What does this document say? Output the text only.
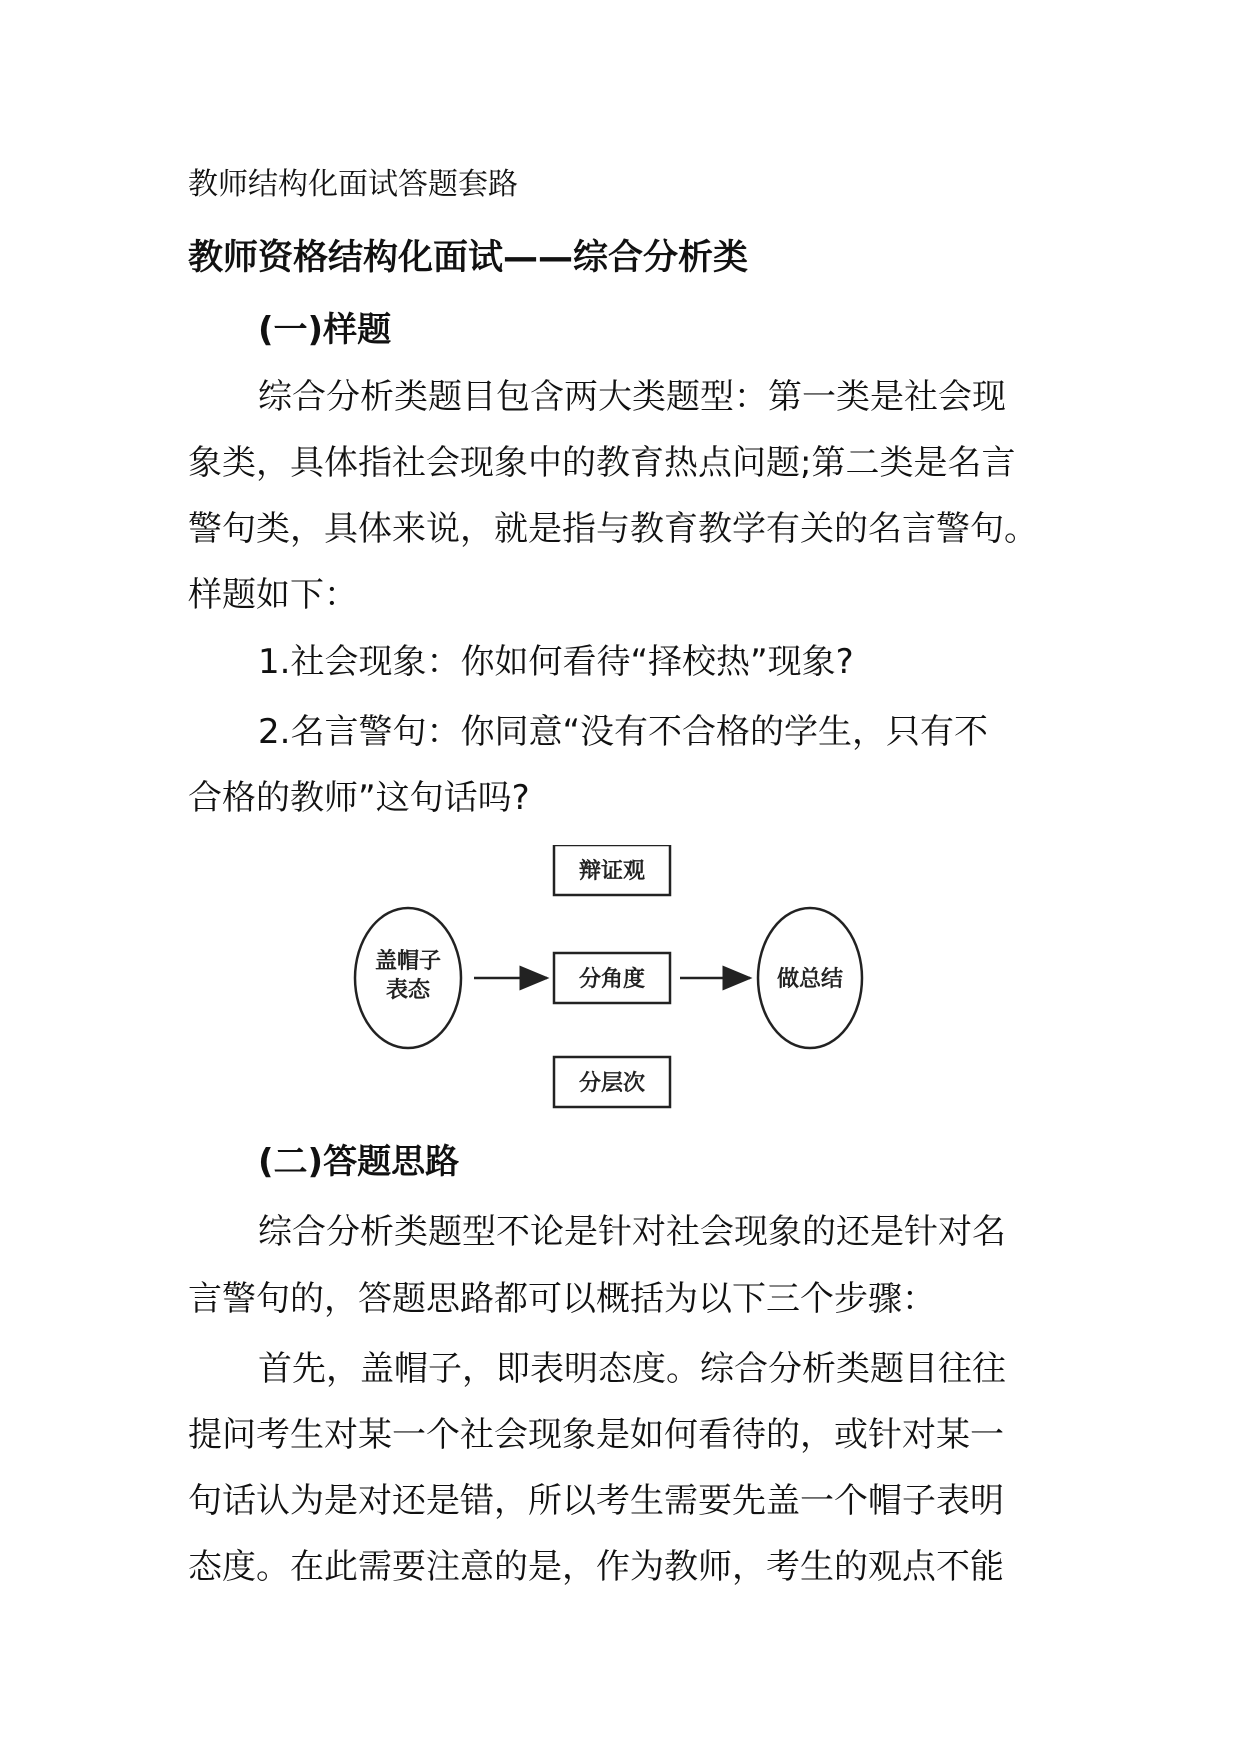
教师结构化面试答题套路
教师资格结构化面试——综合分析类
(一)样题
综合分析类题目包含两大类题型：第一类是社会现
象类，具体指社会现象中的教育热点问题;第二类是名言
警句类，具体来说，就是指与教育教学有关的名言警句。
样题如下：
1.社会现象：你如何看待“择校热”现象?
2.名言警句：你同意“没有不合格的学生，只有不
合格的教师”这句话吗?
盖帽子
表态
辩证观
分角度
分层次
做总结
(二)答题思路
综合分析类题型不论是针对社会现象的还是针对名
言警句的，答题思路都可以概括为以下三个步骤：
首先，盖帽子，即表明态度。综合分析类题目往往
提问考生对某一个社会现象是如何看待的，或针对某一
句话认为是对还是错，所以考生需要先盖一个帽子表明
态度。在此需要注意的是，作为教师，考生的观点不能
